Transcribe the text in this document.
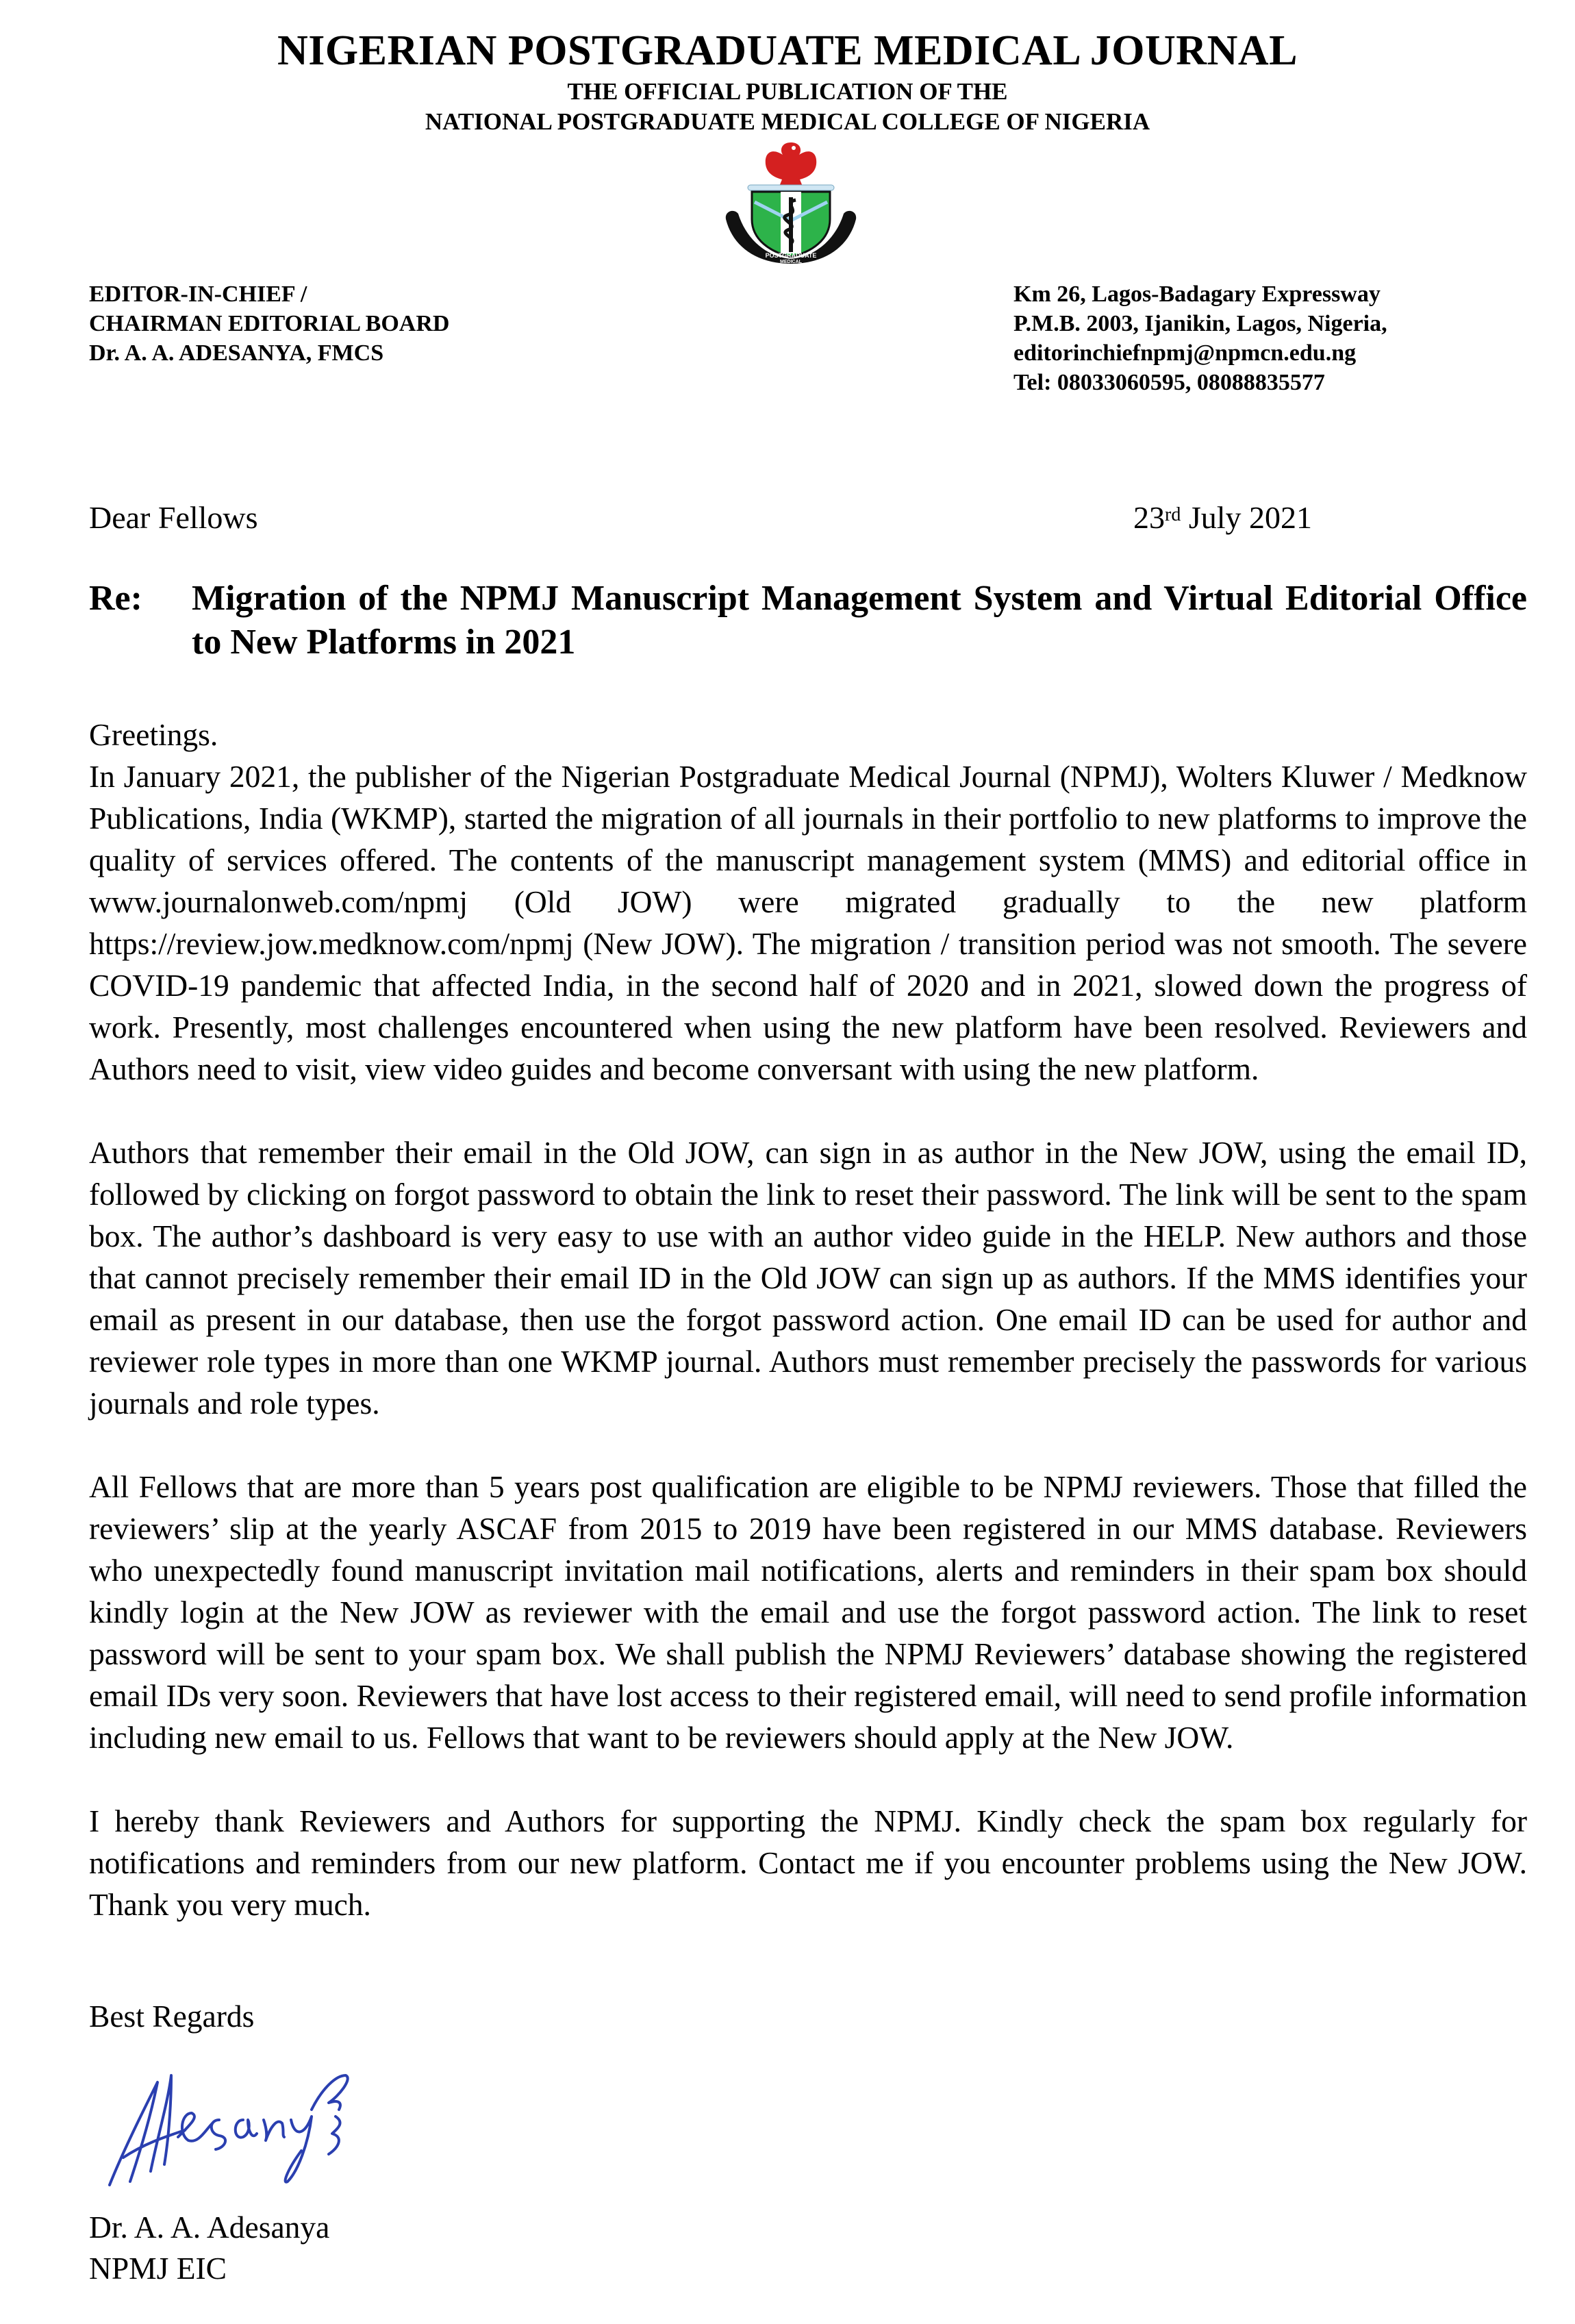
NIGERIAN POSTGRADUATE MEDICAL JOURNAL
THE OFFICIAL PUBLICATION OF THE
NATIONAL POSTGRADUATE MEDICAL COLLEGE OF NIGERIA
POSTGRADUATE
MEDICAL
EDITOR-IN-CHIEF /
CHAIRMAN EDITORIAL BOARD
Dr. A. A. ADESANYA, FMCS
Km 26, Lagos-Badagary Expressway
P.M.B. 2003, Ijanikin, Lagos, Nigeria,
editorinchiefnpmj@npmcn.edu.ng
Tel: 08033060595, 08088835577
Dear Fellows	23rd July 2021
Re: Migration of the NPMJ Manuscript Management System and Virtual Editorial Office to New Platforms in 2021

Greetings.

In January 2021, the publisher of the Nigerian Postgraduate Medical Journal (NPMJ), Wolters Kluwer / Medknow Publications, India (WKMP), started the migration of all journals in their portfolio to new platforms to improve the quality of services offered. The contents of the manuscript management system (MMS) and editorial office in www.journalonweb.com/npmj (Old JOW) were migrated gradually to the new platform https://review.jow.medknow.com/npmj (New JOW). The migration / transition period was not smooth. The severe COVID-19 pandemic that affected India, in the second half of 2020 and in 2021, slowed down the progress of work. Presently, most challenges encountered when using the new platform have been resolved. Reviewers and Authors need to visit, view video guides and become conversant with using the new platform.

Authors that remember their email in the Old JOW, can sign in as author in the New JOW, using the email ID, followed by clicking on forgot password to obtain the link to reset their password. The link will be sent to the spam box. The author’s dashboard is very easy to use with an author video guide in the HELP. New authors and those that cannot precisely remember their email ID in the Old JOW can sign up as authors. If the MMS identifies your email as present in our database, then use the forgot password action. One email ID can be used for author and reviewer role types in more than one WKMP journal. Authors must remember precisely the passwords for various journals and role types.

All Fellows that are more than 5 years post qualification are eligible to be NPMJ reviewers. Those that filled the reviewers’ slip at the yearly ASCAF from 2015 to 2019 have been registered in our MMS database. Reviewers who unexpectedly found manuscript invitation mail notifications, alerts and reminders in their spam box should kindly login at the New JOW as reviewer with the email and use the forgot password action. The link to reset password will be sent to your spam box. We shall publish the NPMJ Reviewers’ database showing the registered email IDs very soon. Reviewers that have lost access to their registered email, will need to send profile information including new email to us. Fellows that want to be reviewers should apply at the New JOW.

I hereby thank Reviewers and Authors for supporting the NPMJ. Kindly check the spam box regularly for notifications and reminders from our new platform. Contact me if you encounter problems using the New JOW. Thank you very much.

Best Regards
Dr. A. A. Adesanya
NPMJ EIC
